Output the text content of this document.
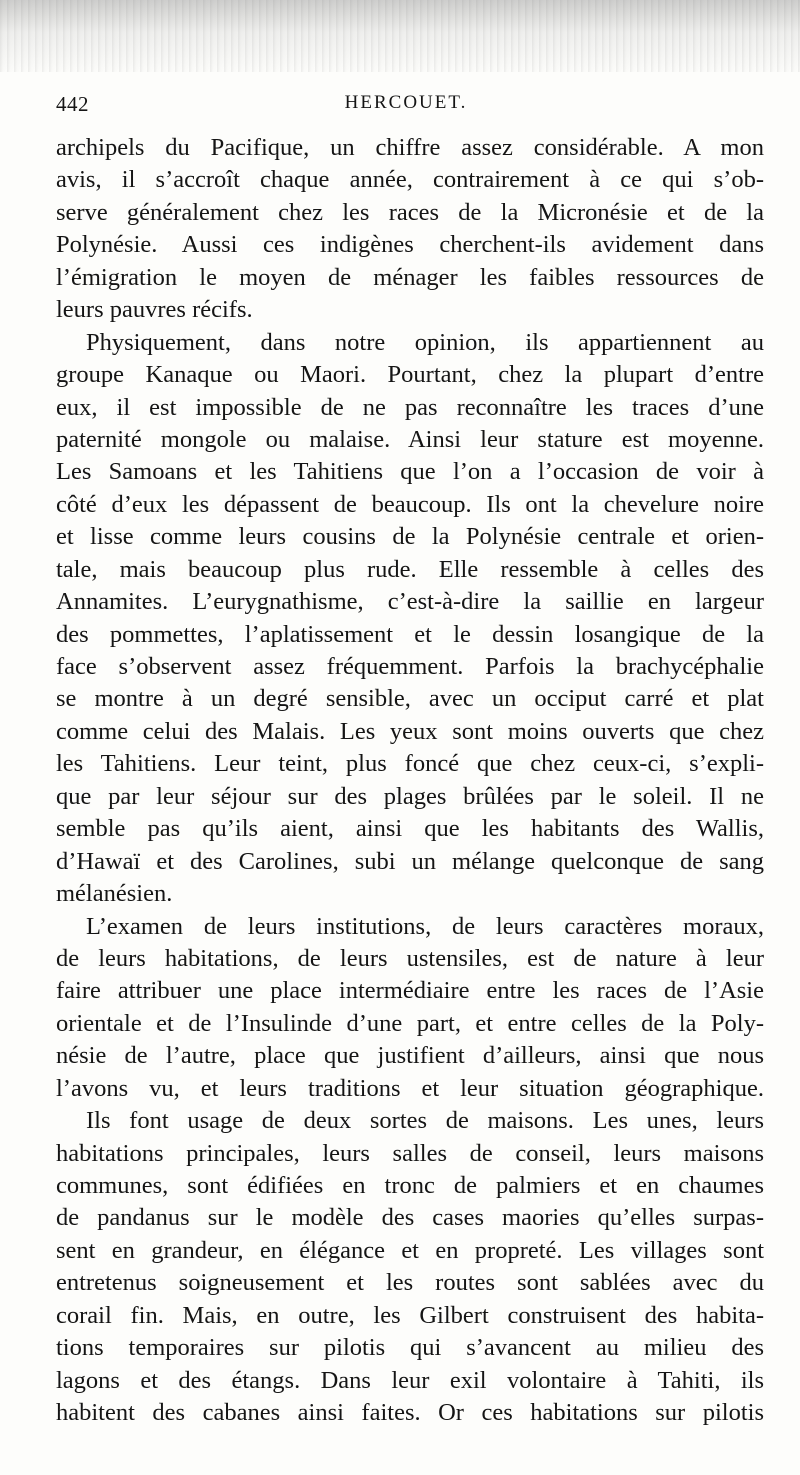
442	HERCOUET.
archipels du Pacifique, un chiffre assez considérable. A mon
avis, il s’accroît chaque année, contrairement à ce qui s’ob-
serve généralement chez les races de la Micronésie et de la
Polynésie. Aussi ces indigènes cherchent-ils avidement dans
l’émigration le moyen de ménager les faibles ressources de
leurs pauvres récifs.
Physiquement, dans notre opinion, ils appartiennent au
groupe Kanaque ou Maori. Pourtant, chez la plupart d’entre
eux, il est impossible de ne pas reconnaître les traces d’une
paternité mongole ou malaise. Ainsi leur stature est moyenne.
Les Samoans et les Tahitiens que l’on a l’occasion de voir à
côté d’eux les dépassent de beaucoup. Ils ont la chevelure noire
et lisse comme leurs cousins de la Polynésie centrale et orien-
tale, mais beaucoup plus rude. Elle ressemble à celles des
Annamites. L’eurygnathisme, c’est-à-dire la saillie en largeur
des pommettes, l’aplatissement et le dessin losangique de la
face s’observent assez fréquemment. Parfois la brachycéphalie
se montre à un degré sensible, avec un occiput carré et plat
comme celui des Malais. Les yeux sont moins ouverts que chez
les Tahitiens. Leur teint, plus foncé que chez ceux-ci, s’expli-
que par leur séjour sur des plages brûlées par le soleil. Il ne
semble pas qu’ils aient, ainsi que les habitants des Wallis,
d’Hawaï et des Carolines, subi un mélange quelconque de sang
mélanésien.
L’examen de leurs institutions, de leurs caractères moraux,
de leurs habitations, de leurs ustensiles, est de nature à leur
faire attribuer une place intermédiaire entre les races de l’Asie
orientale et de l’Insulinde d’une part, et entre celles de la Poly-
nésie de l’autre, place que justifient d’ailleurs, ainsi que nous
l’avons vu, et leurs traditions et leur situation géographique.
Ils font usage de deux sortes de maisons. Les unes, leurs
habitations principales, leurs salles de conseil, leurs maisons
communes, sont édifiées en tronc de palmiers et en chaumes
de pandanus sur le modèle des cases maories qu’elles surpas-
sent en grandeur, en élégance et en propreté. Les villages sont
entretenus soigneusement et les routes sont sablées avec du
corail fin. Mais, en outre, les Gilbert construisent des habita-
tions temporaires sur pilotis qui s’avancent au milieu des
lagons et des étangs. Dans leur exil volontaire à Tahiti, ils
habitent des cabanes ainsi faites. Or ces habitations sur pilotis
